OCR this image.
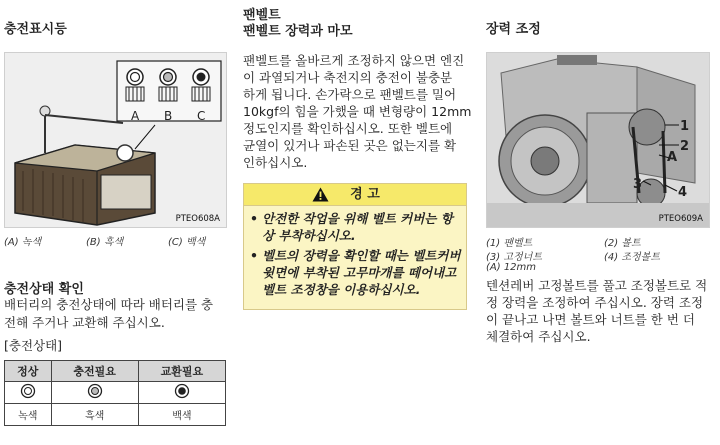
충전표시등
A B C
PTEO608A
(A) 녹색	(B) 흑색	(C) 백색
충전상태 확인
배터리의 충전상태에 따라 배터리를 충
전해 주거나 교환해 주십시오.
[충전상태]
정상	충전필요	교환필요

녹색	흑색	백색
팬벨트
팬벨트 장력과 마모
팬벨트를 올바르게 조정하지 않으면 엔진
이 과열되거나 축전지의 충전이 불충분
하게 됩니다. 손가락으로 팬벨트를 밀어
10kgf의 힘을 가했을 때 변형량이 12mm
정도인지를 확인하십시오. 또한 벨트에
균열이 있거나 파손된 곳은 없는지를 확
인하십시오.
경 고
• 안전한 작업을 위해 벨트 커버는 항
상 부착하십시오.
• 벨트의 장력을 확인할 때는 벨트커버
윗면에 부착된 고무마개를 떼어내고
벨트 조정창을 이용하십시오.
장력 조정
1
2
A
3
4
PTEO609A
(1) 팬벨트	(2) 볼트
(3) 고정너트	(4) 조정볼트
(A) 12mm
텐션레버 고정볼트를 풀고 조정볼트로 적
정 장력을 조정하여 주십시오. 장력 조정
이 끝나고 나면 볼트와 너트를 한 번 더
체결하여 주십시오.
